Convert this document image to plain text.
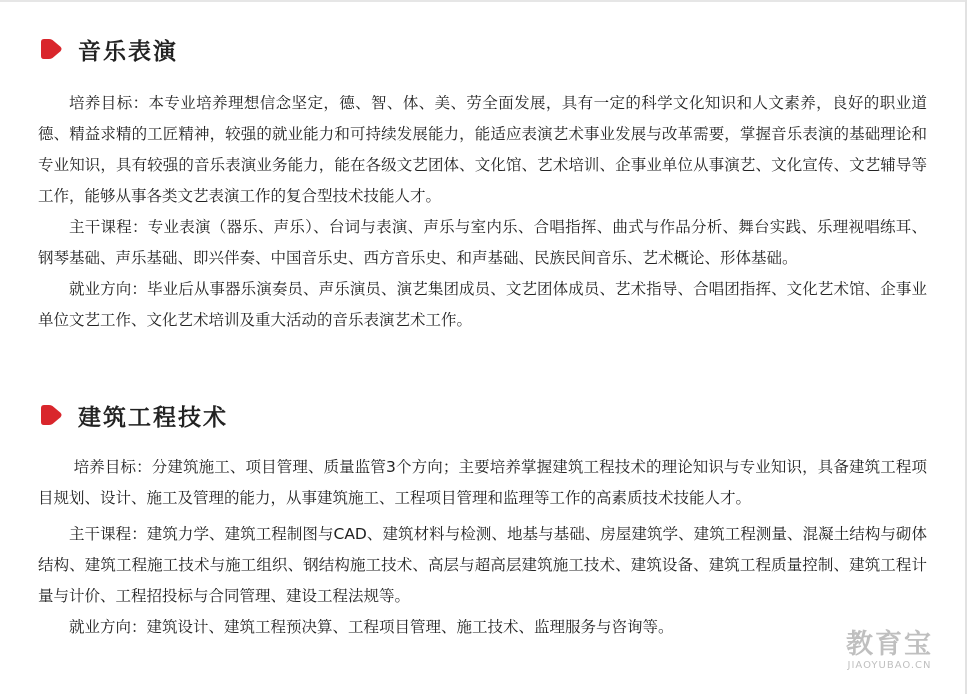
音乐表演

培养目标：本专业培养理想信念坚定，德、智、体、美、劳全面发展，具有一定的科学文化知识和人文素养，良好的职业道德、精益求精的工匠精神，较强的就业能力和可持续发展能力，能适应表演艺术事业发展与改革需要，掌握音乐表演的基础理论和专业知识，具有较强的音乐表演业务能力，能在各级文艺团体、文化馆、艺术培训、企事业单位从事演艺、文化宣传、文艺辅导等工作，能够从事各类文艺表演工作的复合型技术技能人才。

主干课程：专业表演（器乐、声乐）、台词与表演、声乐与室内乐、合唱指挥、曲式与作品分析、舞台实践、乐理视唱练耳、钢琴基础、声乐基础、即兴伴奏、中国音乐史、西方音乐史、和声基础、民族民间音乐、艺术概论、形体基础。

就业方向：毕业后从事器乐演奏员、声乐演员、演艺集团成员、文艺团体成员、艺术指导、合唱团指挥、文化艺术馆、企事业单位文艺工作、文化艺术培训及重大活动的音乐表演艺术工作。

建筑工程技术

培养目标：分建筑施工、项目管理、质量监管3个方向；主要培养掌握建筑工程技术的理论知识与专业知识，具备建筑工程项目规划、设计、施工及管理的能力，从事建筑施工、工程项目管理和监理等工作的高素质技术技能人才。

主干课程：建筑力学、建筑工程制图与CAD、建筑材料与检测、地基与基础、房屋建筑学、建筑工程测量、混凝土结构与砌体结构、建筑工程施工技术与施工组织、钢结构施工技术、高层与超高层建筑施工技术、建筑设备、建筑工程质量控制、建筑工程计量与计价、工程招投标与合同管理、建设工程法规等。

就业方向：建筑设计、建筑工程预决算、工程项目管理、施工技术、监理服务与咨询等。

教育宝
JIAOYUBAO.CN
